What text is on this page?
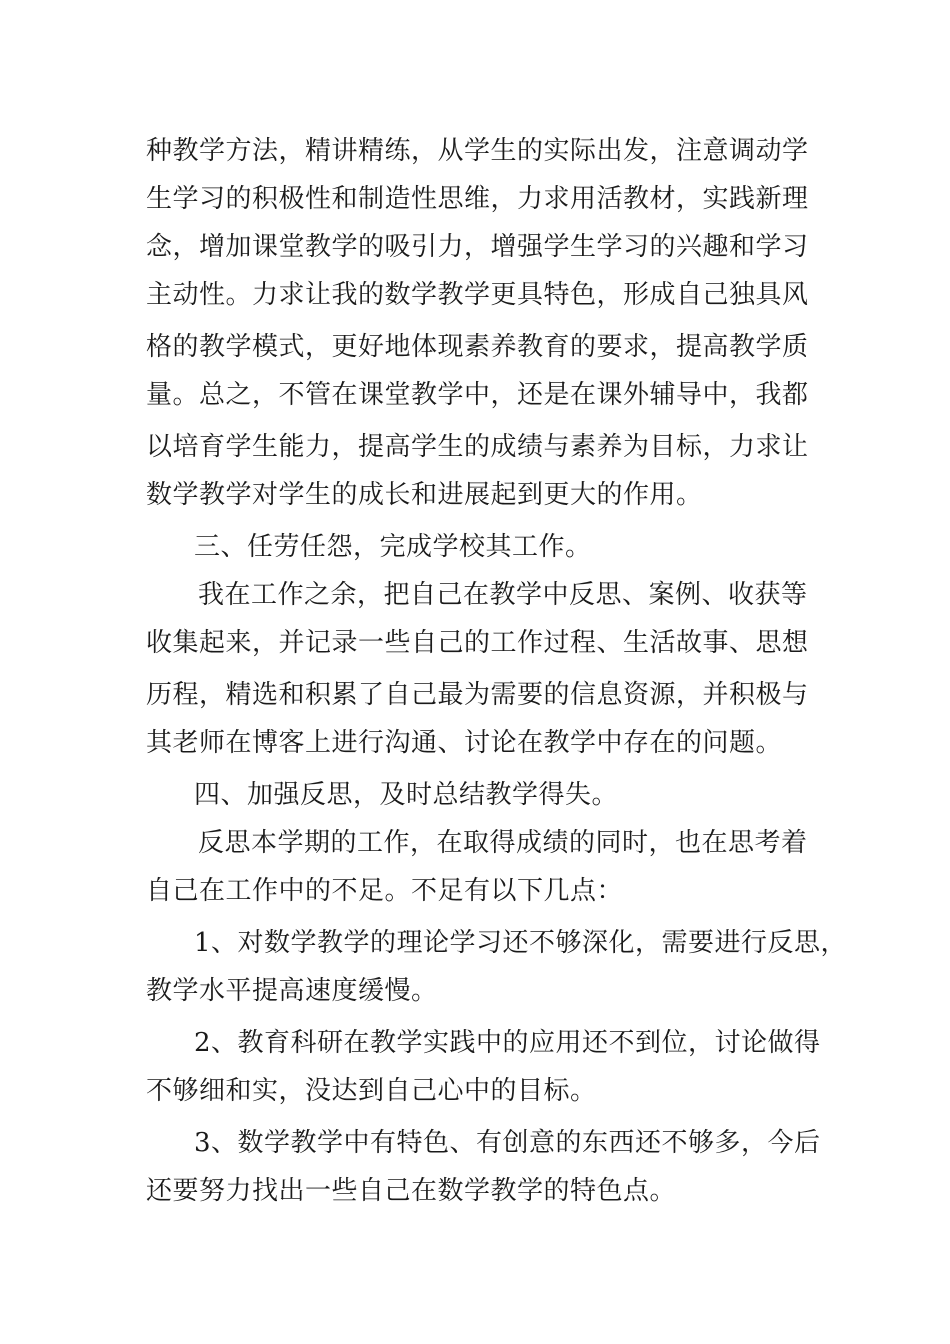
种教学方法，精讲精练，从学生的实际出发，注意调动学
生学习的积极性和制造性思维，力求用活教材，实践新理
念，增加课堂教学的吸引力，增强学生学习的兴趣和学习
主动性。力求让我的数学教学更具特色，形成自己独具风
格的教学模式，更好地体现素养教育的要求，提高教学质
量。总之，不管在课堂教学中，还是在课外辅导中，我都
以培育学生能力，提高学生的成绩与素养为目标，力求让
数学教学对学生的成长和进展起到更大的作用。
三、任劳任怨，完成学校其工作。
我在工作之余，把自己在教学中反思、案例、收获等
收集起来，并记录一些自己的工作过程、生活故事、思想
历程，精选和积累了自己最为需要的信息资源，并积极与
其老师在博客上进行沟通、讨论在教学中存在的问题。
四、加强反思，及时总结教学得失。
反思本学期的工作，在取得成绩的同时，也在思考着
自己在工作中的不足。不足有以下几点：
1、对数学教学的理论学习还不够深化，需要进行反思，
教学水平提高速度缓慢。
2、教育科研在教学实践中的应用还不到位，讨论做得
不够细和实，没达到自己心中的目标。
3、数学教学中有特色、有创意的东西还不够多，今后
还要努力找出一些自己在数学教学的特色点。
